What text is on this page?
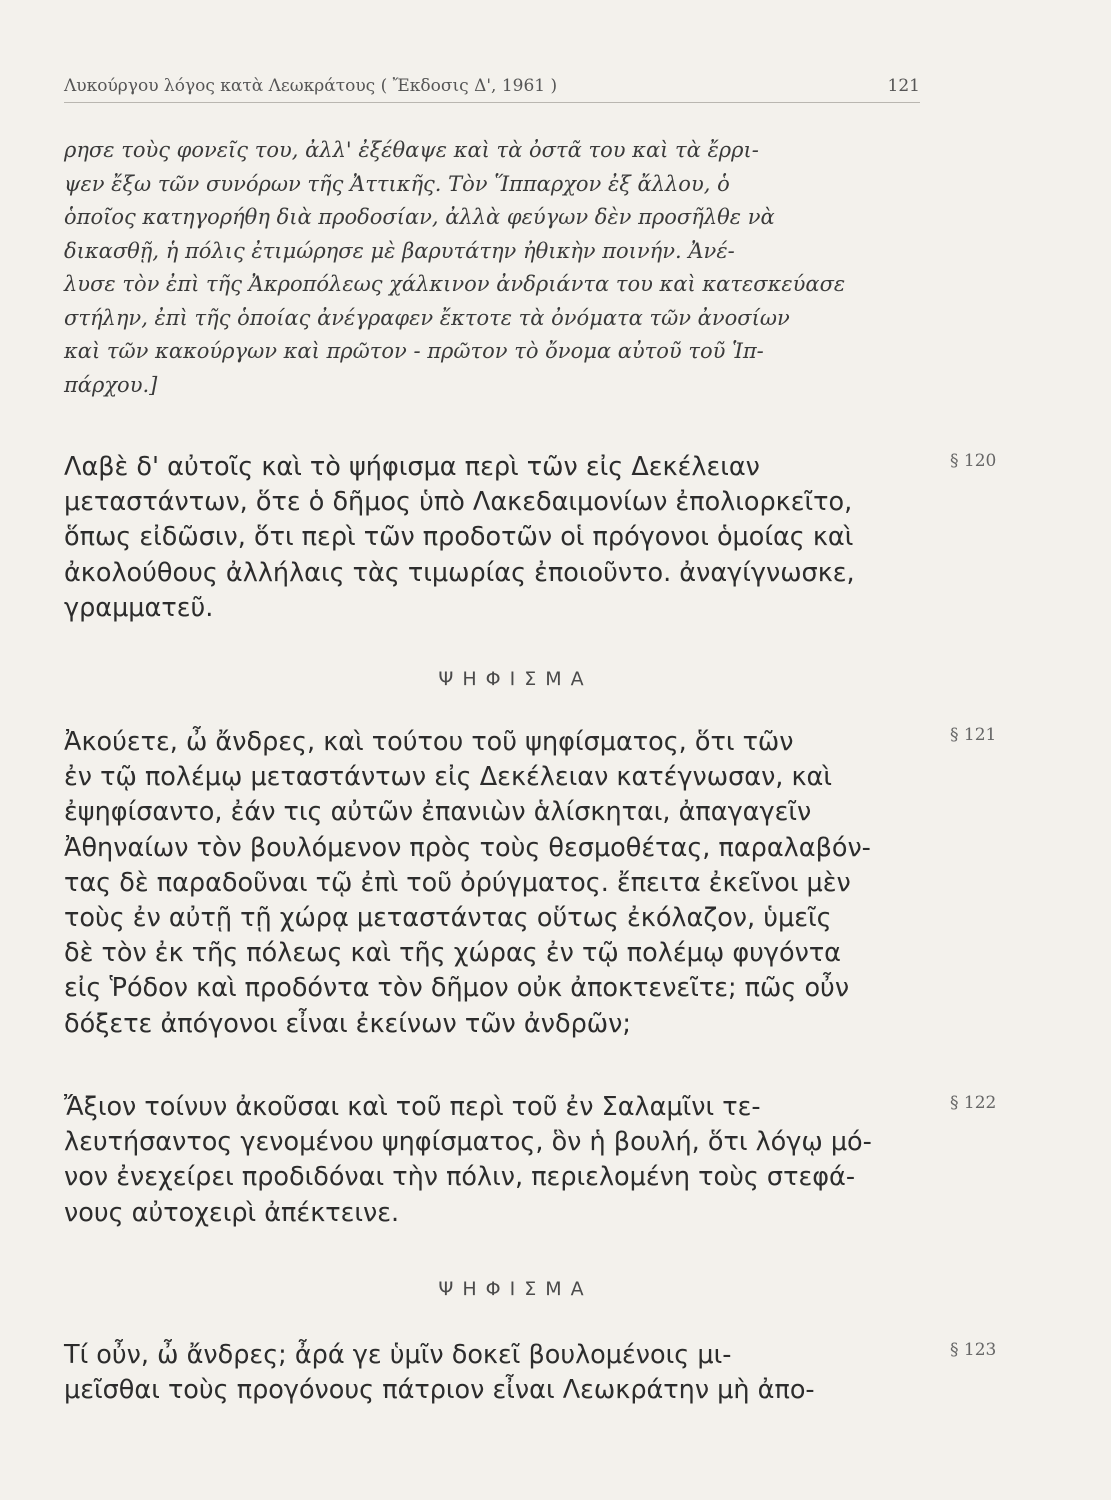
Λυκούργου λόγος κατὰ Λεωκράτους ( Ἔκδοσις Δ', 1961 )	121
ρησε τοὺς φονεῖς του, ἀλλ' ἐξέθαψε καὶ τὰ ὀστᾶ του καὶ τὰ ἔρρι-
ψεν ἔξω τῶν συνόρων τῆς Ἀττικῆς. Τὸν Ἵππαρχον ἐξ ἄλλου, ὁ
ὁποῖος κατηγορήθη διὰ προδοσίαν, ἀλλὰ φεύγων δὲν προσῆλθε νὰ
δικασθῇ, ἡ πόλις ἐτιμώρησε μὲ βαρυτάτην ἠθικὴν ποινήν. Ἀνέ-
λυσε τὸν ἐπὶ τῆς Ἀκροπόλεως χάλκινον ἀνδριάντα του καὶ κατεσκεύασε
στήλην, ἐπὶ τῆς ὁποίας ἀνέγραφεν ἔκτοτε τὰ ὀνόματα τῶν ἀνοσίων
καὶ τῶν κακούργων καὶ πρῶτον - πρῶτον τὸ ὄνομα αὐτοῦ τοῦ Ἱπ-
πάρχου.]
Λαβὲ δ' αὐτοῖς καὶ τὸ ψήφισμα περὶ τῶν εἰς Δεκέλειαν
μεταστάντων, ὅτε ὁ δῆμος ὑπὸ Λακεδαιμονίων ἐπολιορκεῖτο,
ὅπως εἰδῶσιν, ὅτι περὶ τῶν προδοτῶν οἱ πρόγονοι ὁμοίας καὶ
ἀκολούθους ἀλλήλαις τὰς τιμωρίας ἐποιοῦντο. ἀναγίγνωσκε,
γραμματεῦ.
§ 120
ΨΗΦΙΣΜΑ
Ἀκούετε, ὦ ἄνδρες, καὶ τούτου τοῦ ψηφίσματος, ὅτι τῶν
ἐν τῷ πολέμῳ μεταστάντων εἰς Δεκέλειαν κατέγνωσαν, καὶ
ἐψηφίσαντο, ἐάν τις αὐτῶν ἐπανιὼν ἁλίσκηται, ἀπαγαγεῖν
Ἀθηναίων τὸν βουλόμενον πρὸς τοὺς θεσμοθέτας, παραλαβόν-
τας δὲ παραδοῦναι τῷ ἐπὶ τοῦ ὀρύγματος. ἔπειτα ἐκεῖνοι μὲν
τοὺς ἐν αὐτῇ τῇ χώρᾳ μεταστάντας οὕτως ἐκόλαζον, ὑμεῖς
δὲ τὸν ἐκ τῆς πόλεως καὶ τῆς χώρας ἐν τῷ πολέμῳ φυγόντα
εἰς Ῥόδον καὶ προδόντα τὸν δῆμον οὐκ ἀποκτενεῖτε; πῶς οὖν
δόξετε ἀπόγονοι εἶναι ἐκείνων τῶν ἀνδρῶν;
§ 121
Ἄξιον τοίνυν ἀκοῦσαι καὶ τοῦ περὶ τοῦ ἐν Σαλαμῖνι τε-
λευτήσαντος γενομένου ψηφίσματος, ὃν ἡ βουλή, ὅτι λόγῳ μό-
νον ἐνεχείρει προδιδόναι τὴν πόλιν, περιελομένη τοὺς στεφά-
νους αὐτοχειρὶ ἀπέκτεινε.
§ 122
ΨΗΦΙΣΜΑ
Τί οὖν, ὦ ἄνδρες; ἆρά γε ὑμῖν δοκεῖ βουλομένοις μι-
μεῖσθαι τοὺς προγόνους πάτριον εἶναι Λεωκράτην μὴ ἀπο-
§ 123
